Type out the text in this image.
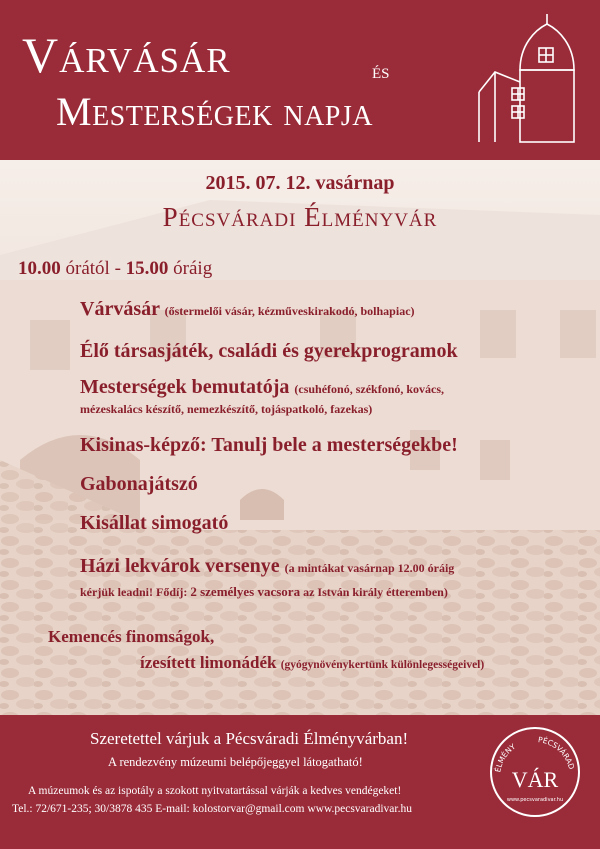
Várvásár	és
Mesterségek napja
2015. 07. 12. vasárnap
Pécsváradi Élményvár
10.00 órától - 15.00 óráig
Várvásár (őstermelői vásár, kézműveskirakodó, bolhapiac)
Élő társasjáték, családi és gyerekprogramok
Mesterségek bemutatója (csuhéfonó, székfonó, kovács,
mézeskalács készítő, nemezkészítő, tojáspatkoló, fazekas)
Kisinas-képző: Tanulj bele a mesterségekbe!
Gabonajátszó
Kisállat simogató
Házi lekvárok versenye (a mintákat vasárnap 12.00 óráig
kérjük leadni! Fődíj: 2 személyes vacsora az István király étteremben)
Kemencés finomságok,
ízesített limonádék (gyógynövénykertünk különlegességeivel)
Szeretettel várjuk a Pécsváradi Élményvárban!
A rendezvény múzeumi belépőjeggyel látogatható!
A múzeumok és az ispotály a szokott nyitvatartással várják a kedves vendégeket!
Tel.: 72/671-235; 30/3878 435 E-mail: kolostorvar@gmail.com www.pecsvaradivar.hu
ÉLMÉNY
PÉCSVÁRAD
VÁR
www.pecsvaradivar.hu
